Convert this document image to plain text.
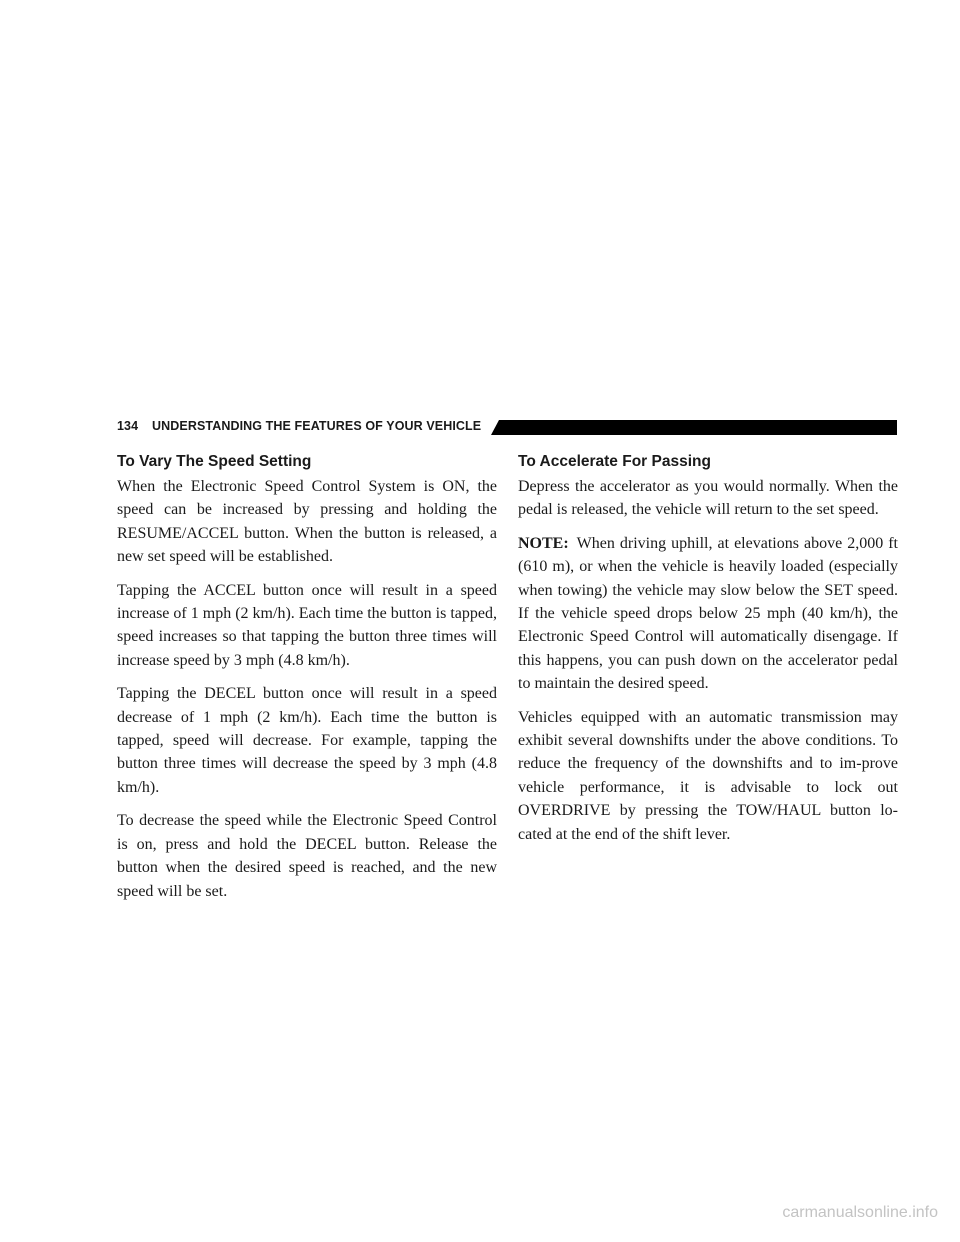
134 UNDERSTANDING THE FEATURES OF YOUR VEHICLE
To Vary The Speed Setting

When the Electronic Speed Control System is ON, the speed can be increased by pressing and holding the RESUME/ACCEL button. When the button is released, a new set speed will be established.

Tapping the ACCEL button once will result in a speed increase of 1 mph (2 km/h). Each time the button is tapped, speed increases so that tapping the button three times will increase speed by 3 mph (4.8 km/h).

Tapping the DECEL button once will result in a speed decrease of 1 mph (2 km/h). Each time the button is tapped, speed will decrease. For example, tapping the button three times will decrease the speed by 3 mph (4.8 km/h).

To decrease the speed while the Electronic Speed Control is on, press and hold the DECEL button. Release the button when the desired speed is reached, and the new speed will be set.

To Accelerate For Passing

Depress the accelerator as you would normally. When the pedal is released, the vehicle will return to the set speed.

NOTE: When driving uphill, at elevations above 2,000 ft (610 m), or when the vehicle is heavily loaded (especially when towing) the vehicle may slow below the SET speed. If the vehicle speed drops below 25 mph (40 km/h), the Electronic Speed Control will automatically disengage. If this happens, you can push down on the accelerator pedal to maintain the desired speed.

Vehicles equipped with an automatic transmission may exhibit several downshifts under the above conditions. To reduce the frequency of the downshifts and to im-prove vehicle performance, it is advisable to lock out OVERDRIVE by pressing the TOW/HAUL button lo-cated at the end of the shift lever.

carmanualsonline.info
